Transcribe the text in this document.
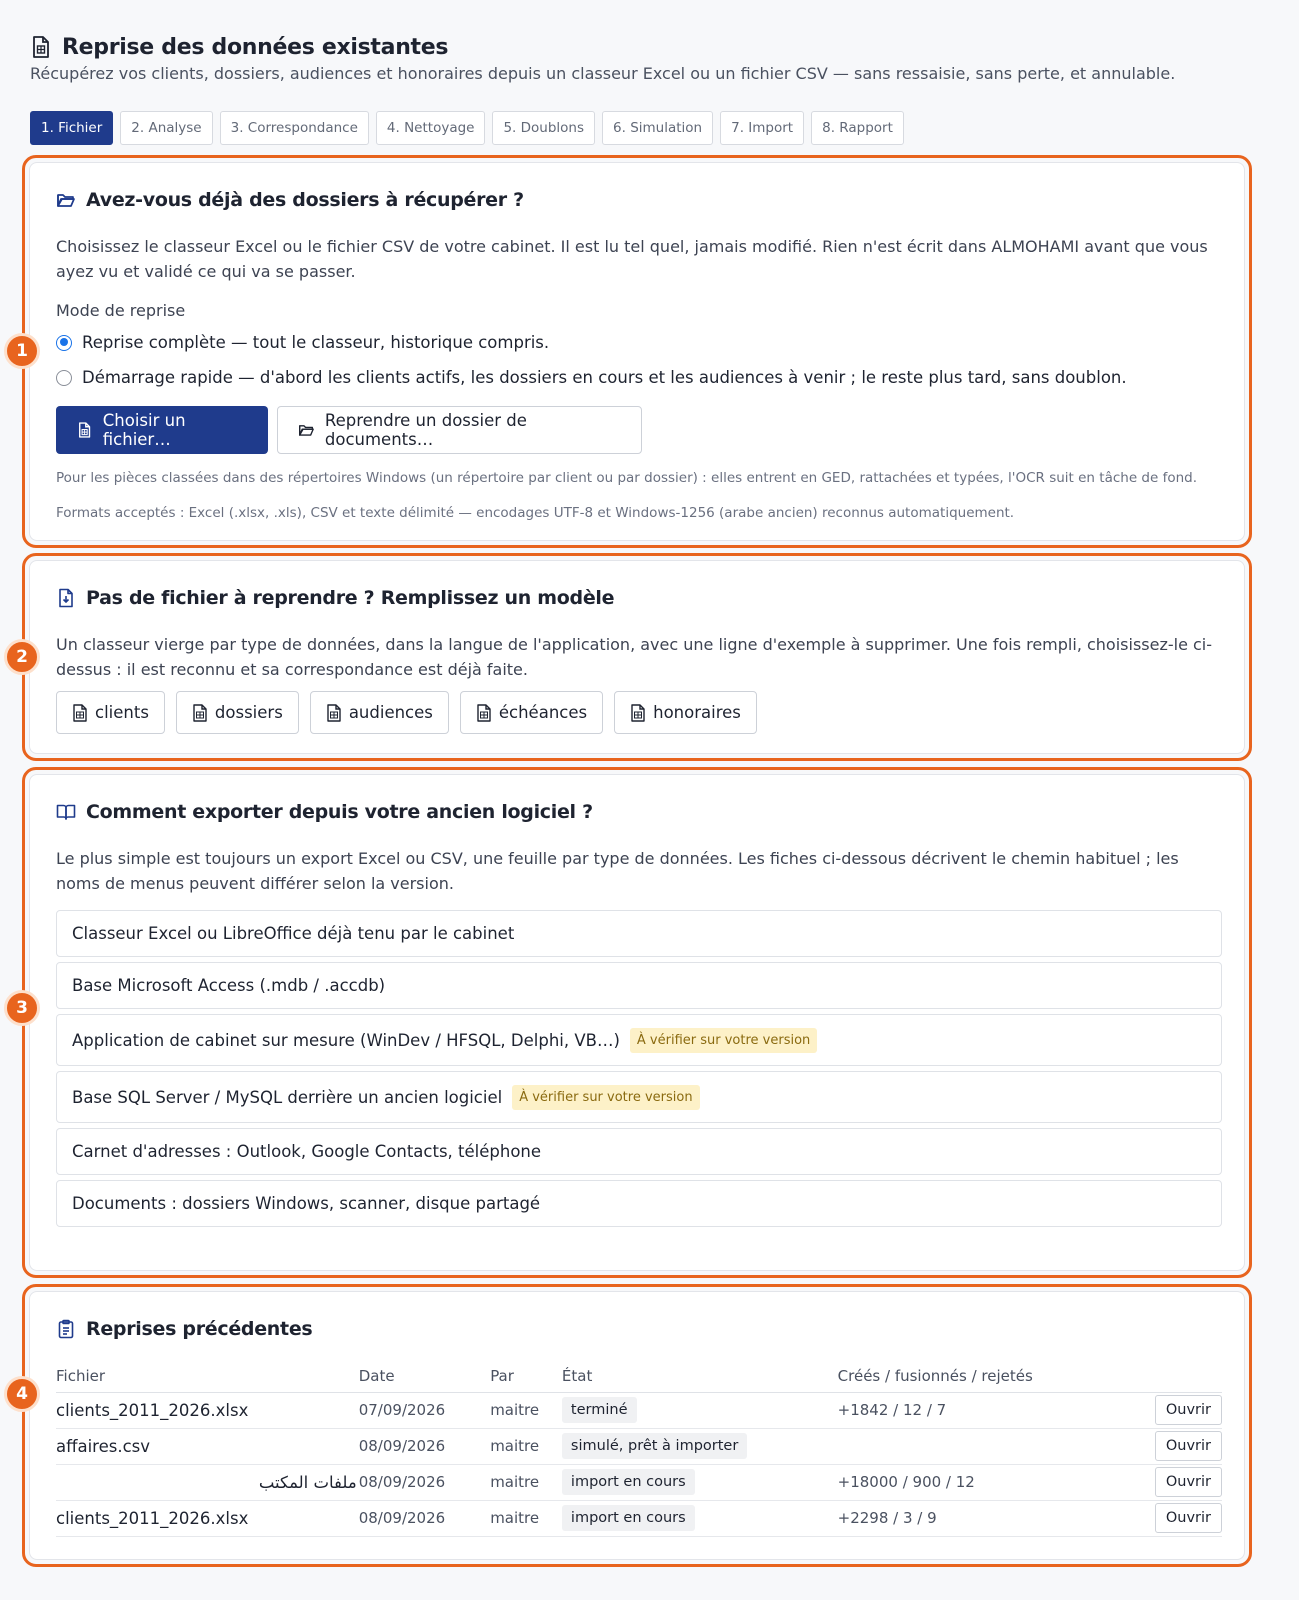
Reprise des données existantes

Récupérez vos clients, dossiers, audiences et honoraires depuis un classeur Excel ou un fichier CSV — sans ressaisie, sans perte, et annulable.

1. Fichier	2. Analyse	3. Correspondance	4. Nettoyage	5. Doublons	6. Simulation	7. Import	8. Rapport
1
2
3
4
Avez-vous déjà des dossiers à récupérer ?

Choisissez le classeur Excel ou le fichier CSV de votre cabinet. Il est lu tel quel, jamais modifié. Rien n'est écrit dans ALMOHAMI avant que vous ayez vu et validé ce qui va se passer.

Mode de reprise

Reprise complète — tout le classeur, historique compris.
Démarrage rapide — d'abord les clients actifs, les dossiers en cours et les audiences à venir ; le reste plus tard, sans doublon.
Choisir un fichier…
Reprendre un dossier de documents…

Pour les pièces classées dans des répertoires Windows (un répertoire par client ou par dossier) : elles entrent en GED, rattachées et typées, l'OCR suit en tâche de fond.

Formats acceptés : Excel (.xlsx, .xls), CSV et texte délimité — encodages UTF-8 et Windows-1256 (arabe ancien) reconnus automatiquement.

Pas de fichier à reprendre ? Remplissez un modèle

Un classeur vierge par type de données, dans la langue de l'application, avec une ligne d'exemple à supprimer. Une fois rempli, choisissez-le ci-dessus : il est reconnu et sa correspondance est déjà faite.

clients	dossiers	audiences	échéances	honoraires
Comment exporter depuis votre ancien logiciel ?

Le plus simple est toujours un export Excel ou CSV, une feuille par type de données. Les fiches ci-dessous décrivent le chemin habituel ; les noms de menus peuvent différer selon la version.

Classeur Excel ou LibreOffice déjà tenu par le cabinet
Base Microsoft Access (.mdb / .accdb)
Application de cabinet sur mesure (WinDev / HFSQL, Delphi, VB…)	À vérifier sur votre version
Base SQL Server / MySQL derrière un ancien logiciel	À vérifier sur votre version
Carnet d'adresses : Outlook, Google Contacts, téléphone
Documents : dossiers Windows, scanner, disque partagé
Reprises précédentes
Fichier	Date	Par	État	Créés / fusionnés / rejetés	
clients_2011_2026.xlsx	07/09/2026	maitre	terminé	+1842 / 12 / 7	Ouvrir

affaires.csv	08/09/2026	maitre	simulé, prêt à importer		Ouvrir

ملفات المكتب	08/09/2026	maitre	import en cours	+18000 / 900 / 12	Ouvrir

clients_2011_2026.xlsx	08/09/2026	maitre	import en cours	+2298 / 3 / 9	Ouvrir
